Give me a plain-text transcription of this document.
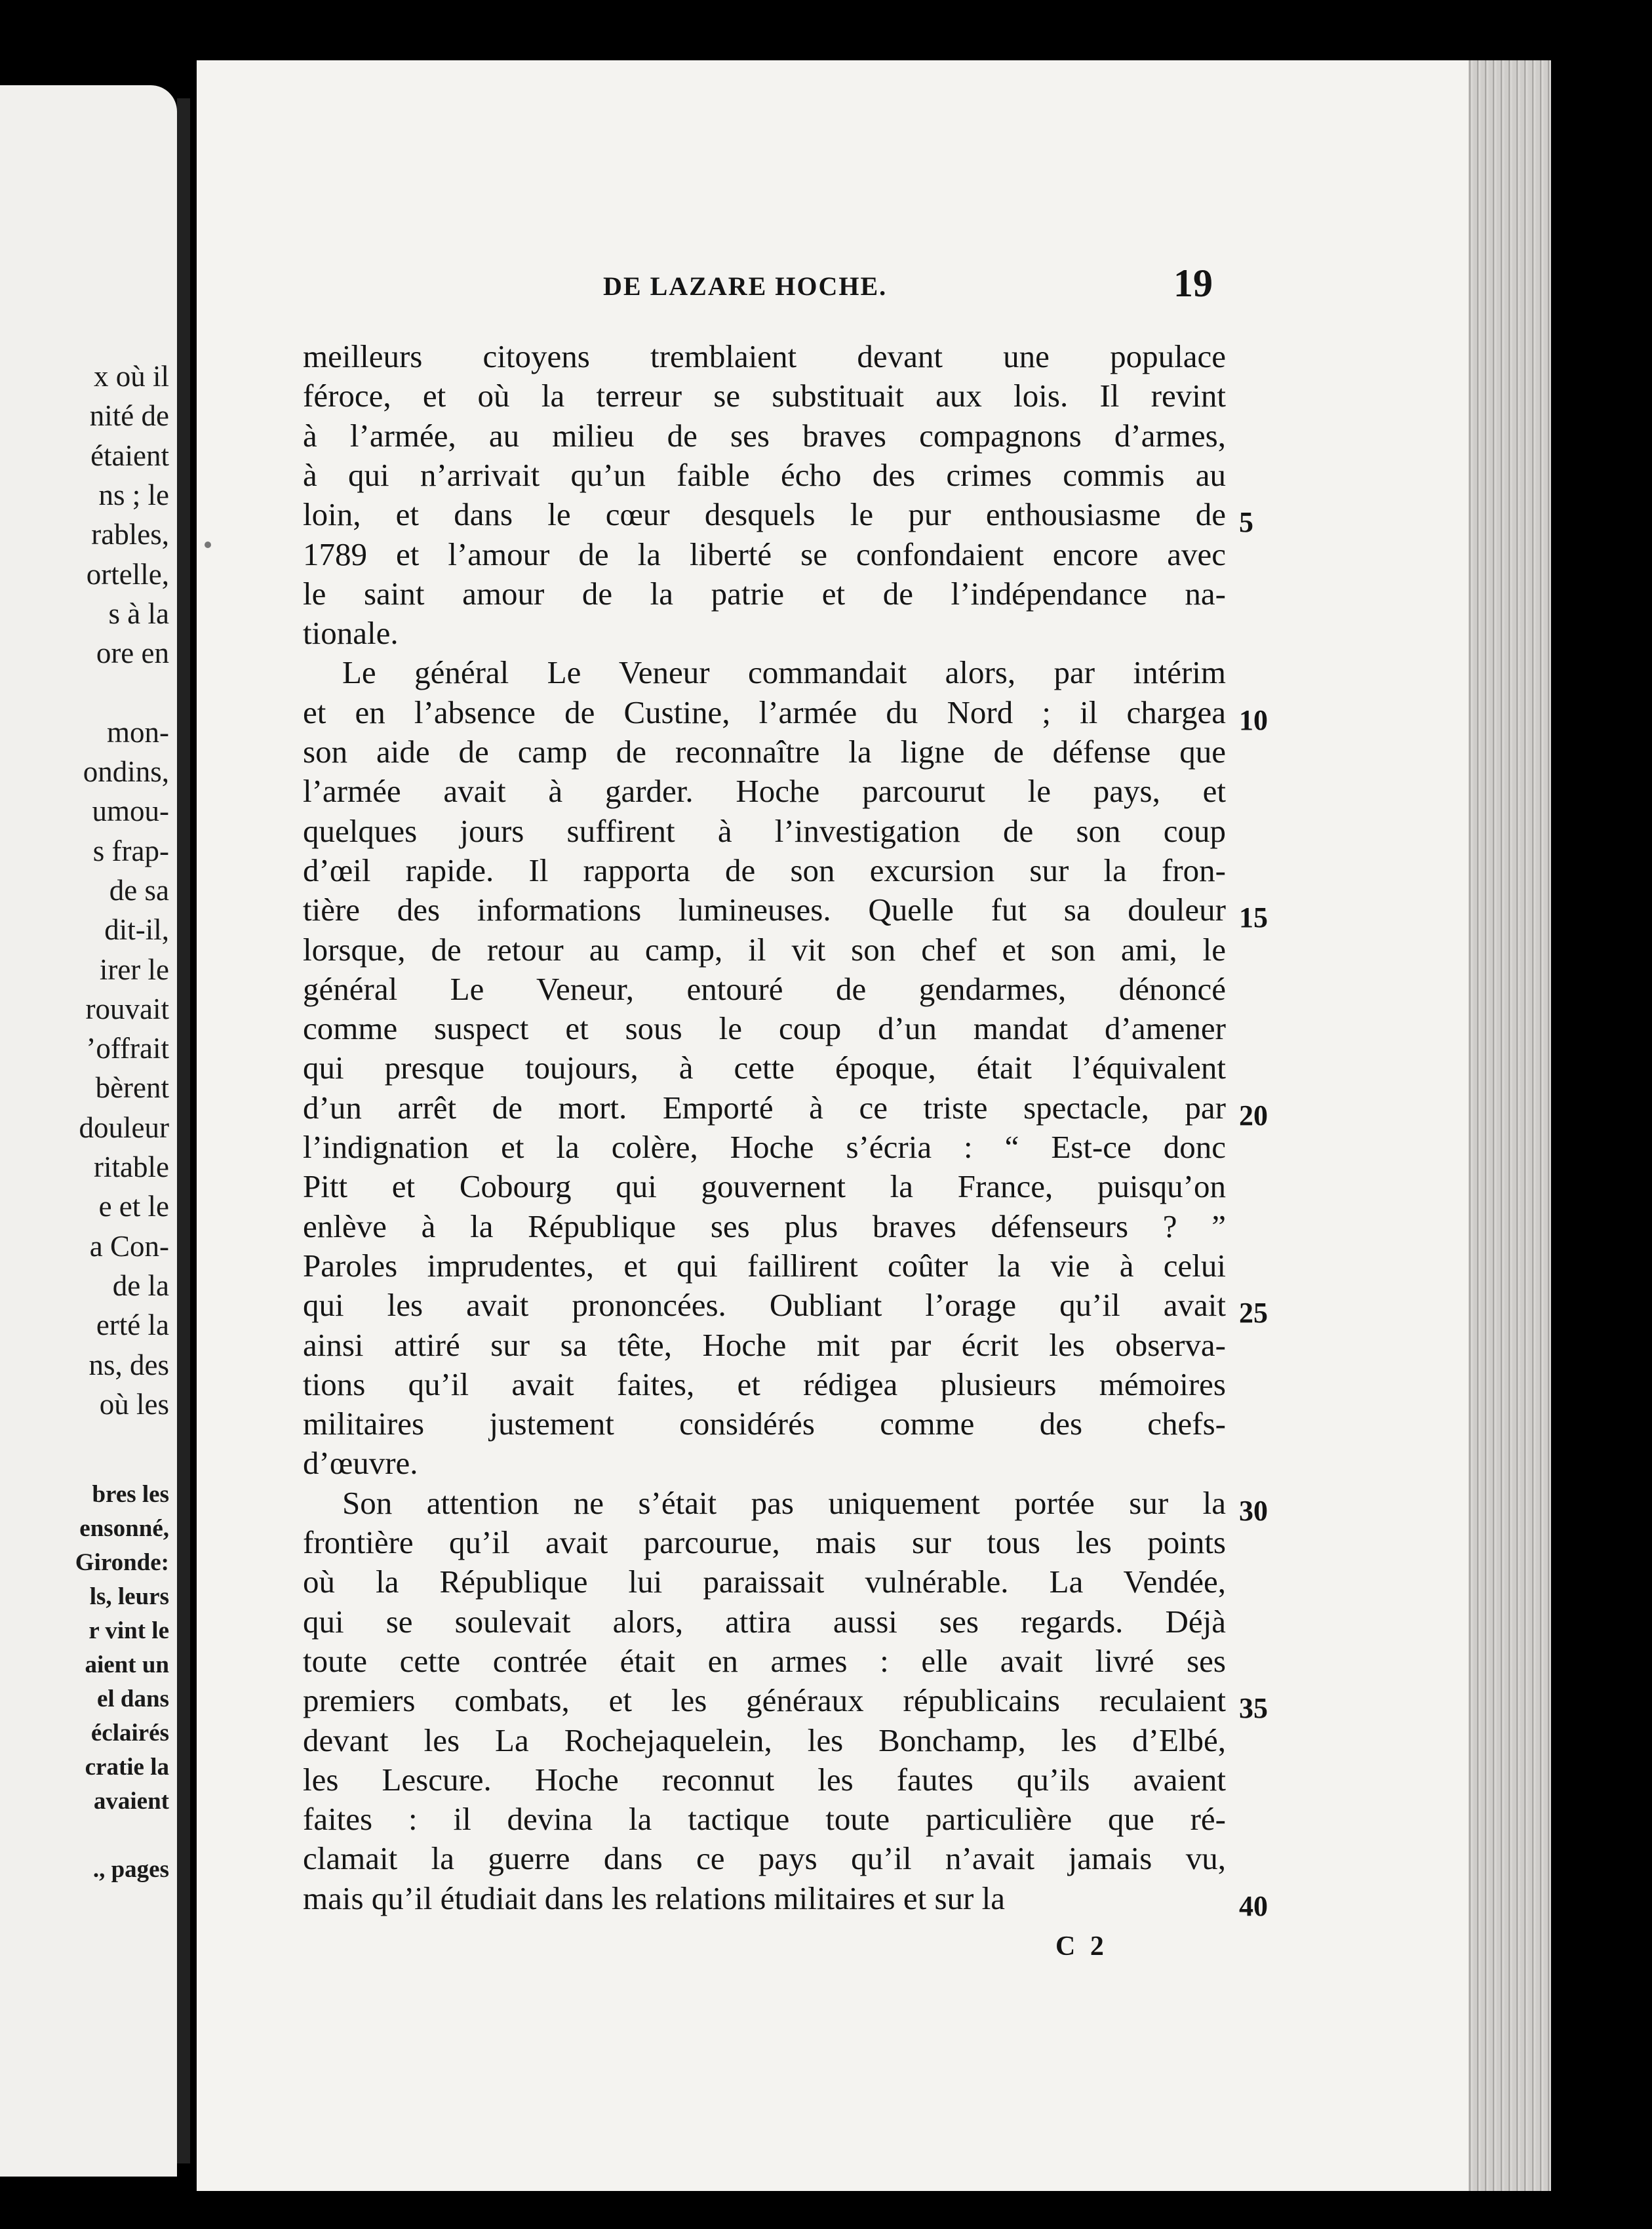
x où il
nité de
étaient
ns ; le
rables,
ortelle,
s à la
ore en
mon-
ondins,
umou-
s frap-
de sa
dit-il,
irer le
rouvait
’offrait
bèrent
douleur
ritable
e et le
a Con-
de la
erté la
ns, des
où les
bres les
ensonné,
Gironde:
ls, leurs
r vint le
aient un
el dans
éclairés
cratie la
avaient
., pages
DE LAZARE HOCHE.	19
meilleurs citoyens tremblaient devant une populace
féroce, et où la terreur se substituait aux lois. Il revint
à l’armée, au milieu de ses braves compagnons d’armes,
à qui n’arrivait qu’un faible écho des crimes commis au
loin, et dans le cœur desquels le pur enthousiasme de
1789 et l’amour de la liberté se confondaient encore avec
le saint amour de la patrie et de l’indépendance na-
tionale.
Le général Le Veneur commandait alors, par intérim
et en l’absence de Custine, l’armée du Nord ; il chargea
son aide de camp de reconnaître la ligne de défense que
l’armée avait à garder. Hoche parcourut le pays, et
quelques jours suffirent à l’investigation de son coup
d’œil rapide. Il rapporta de son excursion sur la fron-
tière des informations lumineuses. Quelle fut sa douleur
lorsque, de retour au camp, il vit son chef et son ami, le
général Le Veneur, entouré de gendarmes, dénoncé
comme suspect et sous le coup d’un mandat d’amener
qui presque toujours, à cette époque, était l’équivalent
d’un arrêt de mort. Emporté à ce triste spectacle, par
l’indignation et la colère, Hoche s’écria : “ Est-ce donc
Pitt et Cobourg qui gouvernent la France, puisqu’on
enlève à la République ses plus braves défenseurs ? ”
Paroles imprudentes, et qui faillirent coûter la vie à celui
qui les avait prononcées. Oubliant l’orage qu’il avait
ainsi attiré sur sa tête, Hoche mit par écrit les observa-
tions qu’il avait faites, et rédigea plusieurs mémoires
militaires justement considérés comme des chefs-
d’œuvre.
Son attention ne s’était pas uniquement portée sur la
frontière qu’il avait parcourue, mais sur tous les points
où la République lui paraissait vulnérable. La Vendée,
qui se soulevait alors, attira aussi ses regards. Déjà
toute cette contrée était en armes : elle avait livré ses
premiers combats, et les généraux républicains reculaient
devant les La Rochejaquelein, les Bonchamp, les d’Elbé,
les Lescure. Hoche reconnut les fautes qu’ils avaient
faites : il devina la tactique toute particulière que ré-
clamait la guerre dans ce pays qu’il n’avait jamais vu,
mais qu’il étudiait dans les relations militaires et sur la
5
10
15
20
25
30
35
40
C 2
